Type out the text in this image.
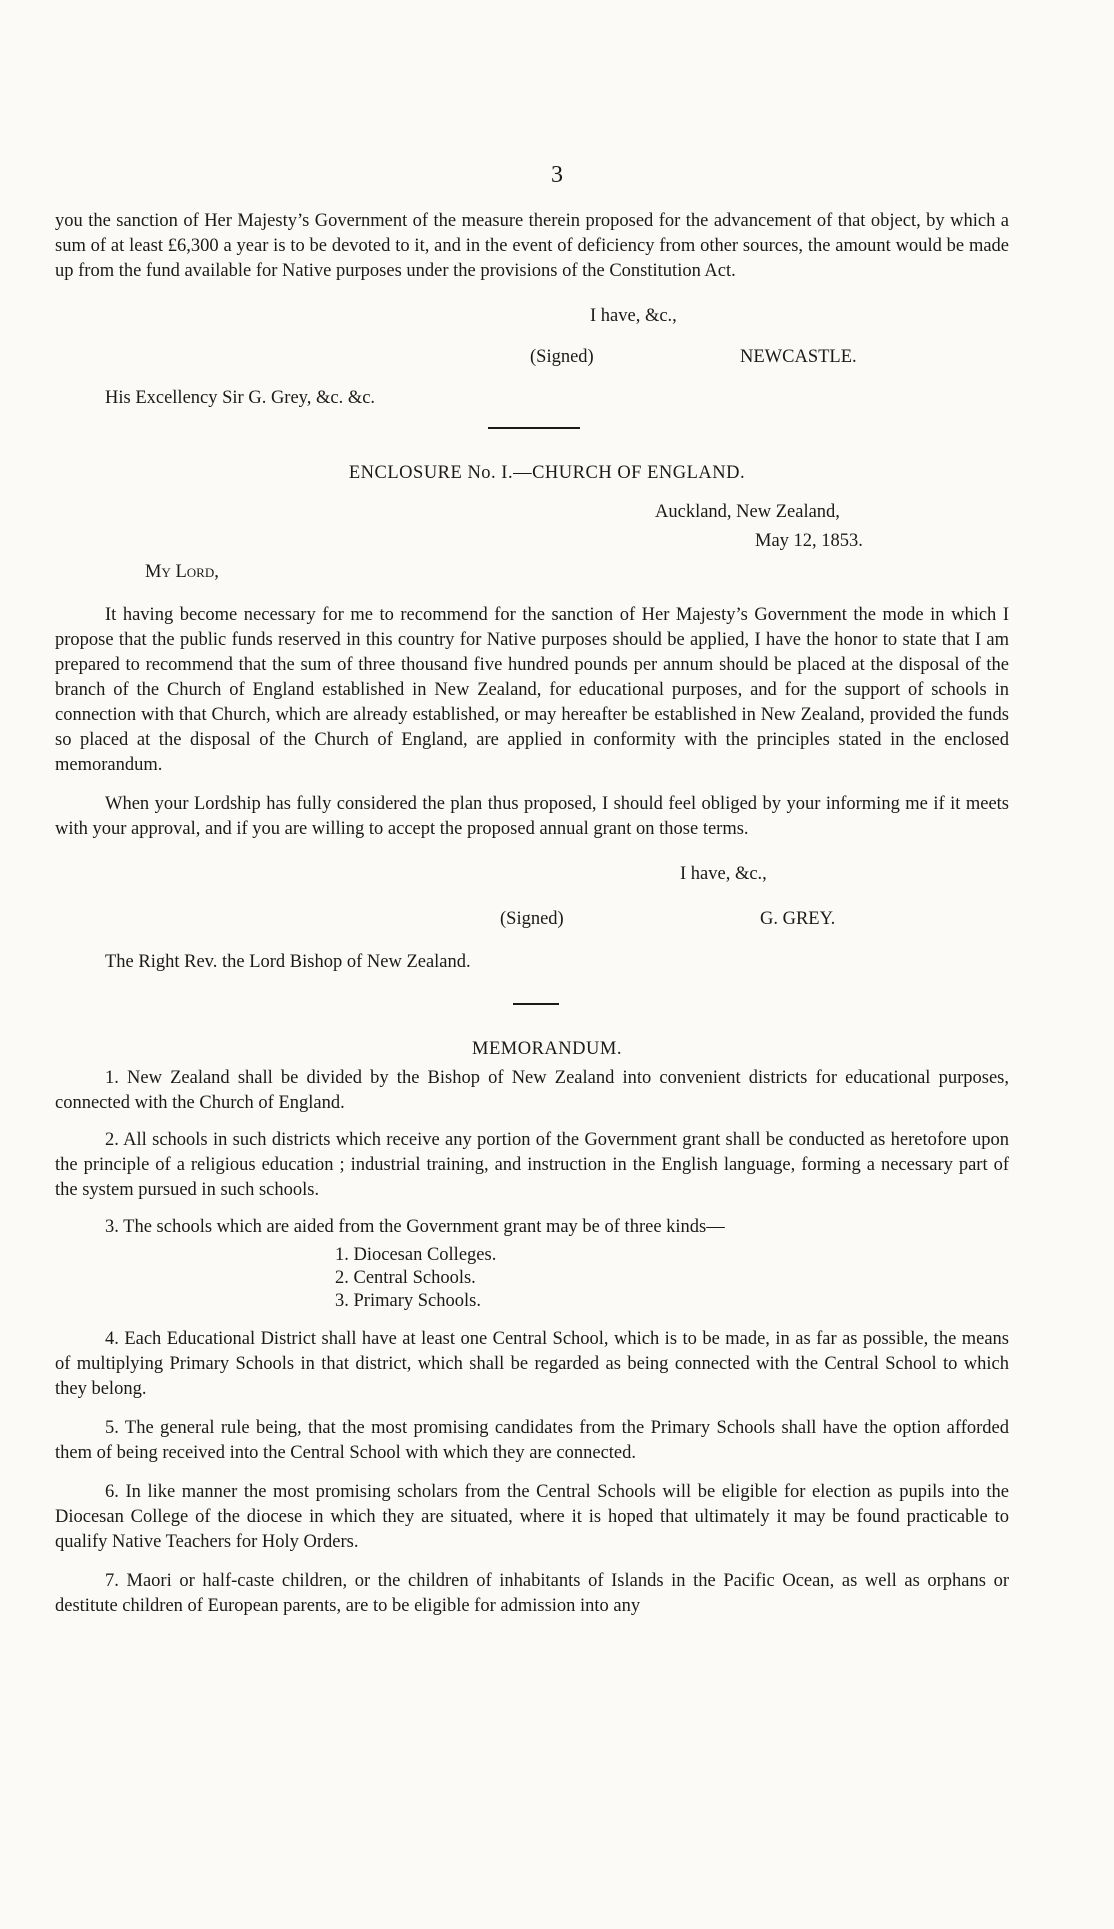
3

you the sanction of Her Majesty’s Government of the measure therein proposed for the advancement of that object, by which a sum of at least £6,300 a year is to be devoted to it, and in the event of deficiency from other sources, the amount would be made up from the fund available for Native purposes under the provisions of the Constitution Act.

I have, &c.,
(Signed)	NEWCASTLE.
His Excellency Sir G. Grey, &c. &c.
ENCLOSURE No. I.—CHURCH OF ENGLAND.
Auckland, New Zealand,
May 12, 1853.
My Lord,

It having become necessary for me to recommend for the sanction of Her Majesty’s Government the mode in which I propose that the public funds reserved in this country for Native purposes should be applied, I have the honor to state that I am prepared to recommend that the sum of three thousand five hundred pounds per annum should be placed at the disposal of the branch of the Church of England established in New Zealand, for educational purposes, and for the support of schools in connection with that Church, which are already established, or may hereafter be established in New Zealand, provided the funds so placed at the disposal of the Church of England, are applied in conformity with the principles stated in the enclosed memorandum.

When your Lordship has fully considered the plan thus proposed, I should feel obliged by your informing me if it meets with your approval, and if you are willing to accept the proposed annual grant on those terms.

I have, &c.,
(Signed)	G. GREY.
The Right Rev. the Lord Bishop of New Zealand.
MEMORANDUM.

1. New Zealand shall be divided by the Bishop of New Zealand into convenient districts for educational purposes, connected with the Church of England.

2. All schools in such districts which receive any portion of the Government grant shall be conducted as heretofore upon the principle of a religious education ; industrial training, and instruction in the English language, forming a necessary part of the system pursued in such schools.

3. The schools which are aided from the Government grant may be of three kinds—

1. Diocesan Colleges.
2. Central Schools.
3. Primary Schools.

4. Each Educational District shall have at least one Central School, which is to be made, in as far as possible, the means of multiplying Primary Schools in that district, which shall be regarded as being connected with the Central School to which they belong.

5. The general rule being, that the most promising candidates from the Primary Schools shall have the option afforded them of being received into the Central School with which they are connected.

6. In like manner the most promising scholars from the Central Schools will be eligible for election as pupils into the Diocesan College of the diocese in which they are situated, where it is hoped that ultimately it may be found practicable to qualify Native Teachers for Holy Orders.

7. Maori or half-caste children, or the children of inhabitants of Islands in the Pacific Ocean, as well as orphans or destitute children of European parents, are to be eligible for admission into any
